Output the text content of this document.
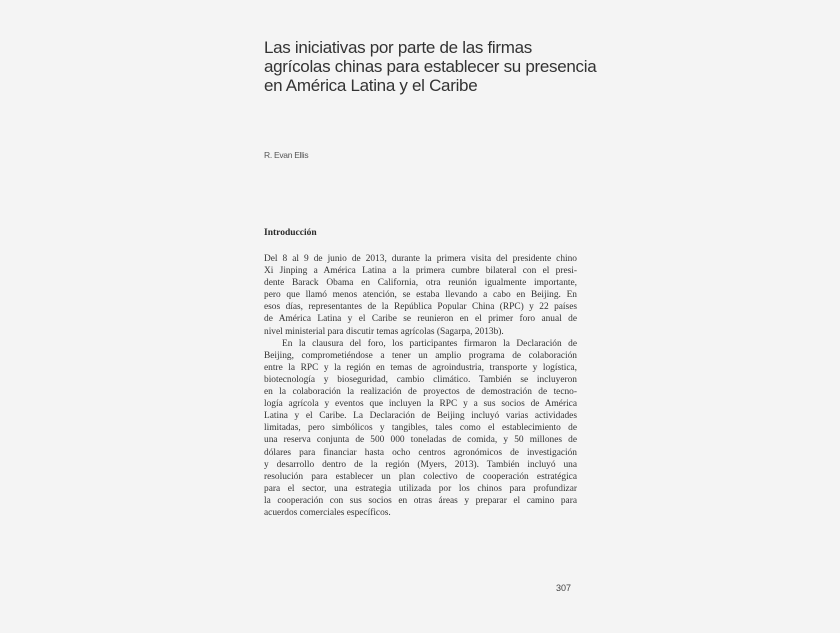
Las iniciativas por parte de las firmas
agrícolas chinas para establecer su presencia
en América Latina y el Caribe
R. Evan Ellis
Introducción
Del 8 al 9 de junio de 2013, durante la primera visita del presidente chino
Xi Jinping a América Latina a la primera cumbre bilateral con el presi-
dente Barack Obama en California, otra reunión igualmente importante,
pero que llamó menos atención, se estaba llevando a cabo en Beijing. En
esos días, representantes de la República Popular China (RPC) y 22 países
de América Latina y el Caribe se reunieron en el primer foro anual de
nivel ministerial para discutir temas agrícolas (Sagarpa, 2013b).
En la clausura del foro, los participantes firmaron la Declaración de
Beijing, comprometiéndose a tener un amplio programa de colaboración
entre la RPC y la región en temas de agroindustria, transporte y logística,
biotecnología y bioseguridad, cambio climático. También se incluyeron
en la colaboración la realización de proyectos de demostración de tecno-
logía agrícola y eventos que incluyen la RPC y a sus socios de América
Latina y el Caribe. La Declaración de Beijing incluyó varias actividades
limitadas, pero simbólicos y tangibles, tales como el establecimiento de
una reserva conjunta de 500 000 toneladas de comida, y 50 millones de
dólares para financiar hasta ocho centros agronómicos de investigación
y desarrollo dentro de la región (Myers, 2013). También incluyó una
resolución para establecer un plan colectivo de cooperación estratégica
para el sector, una estrategia utilizada por los chinos para profundizar
la cooperación con sus socios en otras áreas y preparar el camino para
acuerdos comerciales específicos.
307
